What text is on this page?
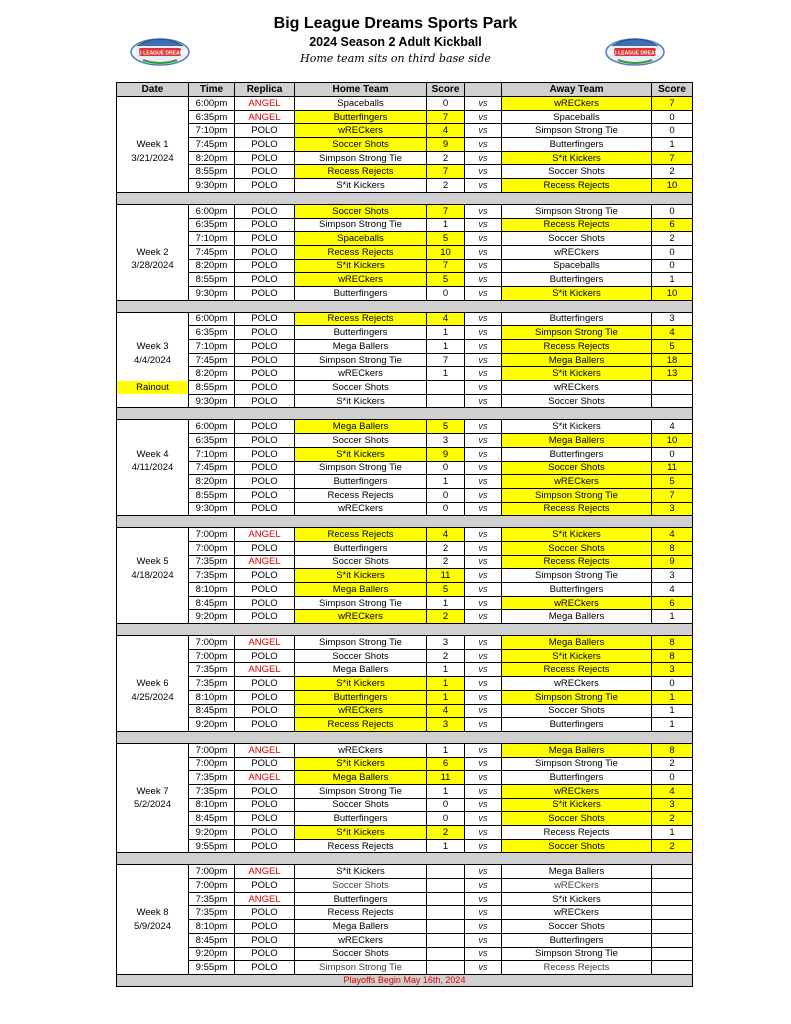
Big League Dreams Sports Park
2024 Season 2 Adult Kickball
Home team sits on third base side
BIG LEAGUE DREAMS	BIG LEAGUE DREAMS
Date	Time	Replica	Home Team	Score		Away Team	Score
	6:00pm	ANGEL	Spaceballs	0	vs	wRECkers	7
	6:35pm	ANGEL	Butterfingers	7	vs	Spaceballs	0
	7:10pm	POLO	wRECkers	4	vs	Simpson Strong Tie	0
Week 1	7:45pm	POLO	Soccer Shots	9	vs	Butterfingers	1
3/21/2024	8:20pm	POLO	Simpson Strong Tie	2	vs	S*it Kickers	7
	8:55pm	POLO	Recess Rejects	7	vs	Soccer Shots	2
	9:30pm	POLO	S*it Kickers	2	vs	Recess Rejects	10

	6:00pm	POLO	Soccer Shots	7	vs	Simpson Strong Tie	0
	6:35pm	POLO	Simpson Strong Tie	1	vs	Recess Rejects	6
	7:10pm	POLO	Spaceballs	5	vs	Soccer Shots	2
Week 2	7:45pm	POLO	Recess Rejects	10	vs	wRECkers	0
3/28/2024	8:20pm	POLO	S*it Kickers	7	vs	Spaceballs	0
	8:55pm	POLO	wRECkers	5	vs	Butterfingers	1
	9:30pm	POLO	Butterfingers	0	vs	S*it Kickers	10

	6:00pm	POLO	Recess Rejects	4	vs	Butterfingers	3
	6:35pm	POLO	Butterfingers	1	vs	Simpson Strong Tie	4
Week 3	7:10pm	POLO	Mega Ballers	1	vs	Recess Rejects	5
4/4/2024	7:45pm	POLO	Simpson Strong Tie	7	vs	Mega Ballers	18
	8:20pm	POLO	wRECkers	1	vs	S*it Kickers	13
Rainout	8:55pm	POLO	Soccer Shots		vs	wRECkers	
	9:30pm	POLO	S*it Kickers		vs	Soccer Shots	

	6:00pm	POLO	Mega Ballers	5	vs	S*it Kickers	4
	6:35pm	POLO	Soccer Shots	3	vs	Mega Ballers	10
Week 4	7:10pm	POLO	S*it Kickers	9	vs	Butterfingers	0
4/11/2024	7:45pm	POLO	Simpson Strong Tie	0	vs	Soccer Shots	11
	8:20pm	POLO	Butterfingers	1	vs	wRECkers	5
	8:55pm	POLO	Recess Rejects	0	vs	Simpson Strong Tie	7
	9:30pm	POLO	wRECkers	0	vs	Recess Rejects	3

	7:00pm	ANGEL	Recess Rejects	4	vs	S*it Kickers	4
	7:00pm	POLO	Butterfingers	2	vs	Soccer Shots	8
Week 5	7:35pm	ANGEL	Soccer Shots	2	vs	Recess Rejects	9
4/18/2024	7:35pm	POLO	S*it Kickers	11	vs	Simpson Strong Tie	3
	8:10pm	POLO	Mega Ballers	5	vs	Butterfingers	4
	8:45pm	POLO	Simpson Strong Tie	1	vs	wRECkers	6
	9:20pm	POLO	wRECkers	2	vs	Mega Ballers	1

	7:00pm	ANGEL	Simpson Strong Tie	3	vs	Mega Ballers	8
	7:00pm	POLO	Soccer Shots	2	vs	S*it Kickers	8
	7:35pm	ANGEL	Mega Ballers	1	vs	Recess Rejects	3
Week 6	7:35pm	POLO	S*it Kickers	1	vs	wRECkers	0
4/25/2024	8:10pm	POLO	Butterfingers	1	vs	Simpson Strong Tie	1
	8:45pm	POLO	wRECkers	4	vs	Soccer Shots	1
	9:20pm	POLO	Recess Rejects	3	vs	Butterfingers	1

	7:00pm	ANGEL	wRECkers	1	vs	Mega Ballers	8
	7:00pm	POLO	S*it Kickers	6	vs	Simpson Strong Tie	2
	7:35pm	ANGEL	Mega Ballers	11	vs	Butterfingers	0
Week 7	7:35pm	POLO	Simpson Strong Tie	1	vs	wRECkers	4
5/2/2024	8:10pm	POLO	Soccer Shots	0	vs	S*it Kickers	3
	8:45pm	POLO	Butterfingers	0	vs	Soccer Shots	2
	9:20pm	POLO	S*it Kickers	2	vs	Recess Rejects	1
	9:55pm	POLO	Recess Rejects	1	vs	Soccer Shots	2

	7:00pm	ANGEL	S*it Kickers		vs	Mega Ballers	
	7:00pm	POLO	Soccer Shots		vs	wRECkers	
	7:35pm	ANGEL	Butterfingers		vs	S*it Kickers	
Week 8	7:35pm	POLO	Recess Rejects		vs	wRECkers	
5/9/2024	8:10pm	POLO	Mega Ballers		vs	Soccer Shots	
	8:45pm	POLO	wRECkers		vs	Butterfingers	
	9:20pm	POLO	Soccer Shots		vs	Simpson Strong Tie	
	9:55pm	POLO	Simpson Strong Tie		vs	Recess Rejects	
Playoffs Begin May 16th, 2024							
